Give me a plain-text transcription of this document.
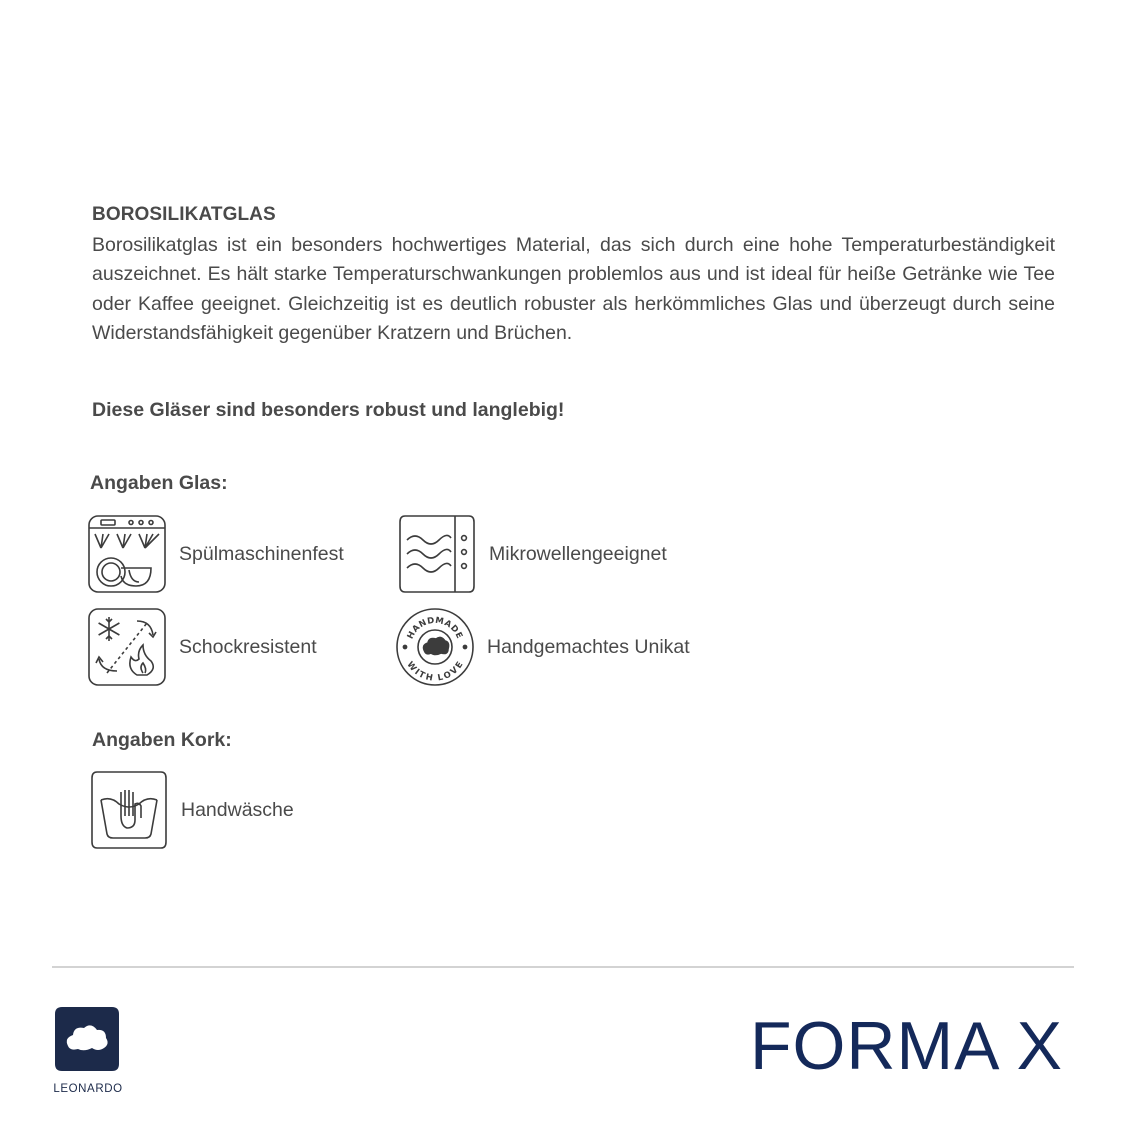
BOROSILIKATGLAS
Borosilikatglas ist ein besonders hochwertiges Material, das sich durch eine hohe Temperaturbeständigkeit auszeichnet. Es hält starke Temperaturschwankungen problemlos aus und ist ideal für heiße Getränke wie Tee oder Kaffee geeignet. Gleichzeitig ist es deutlich robuster als herkömmliches Glas und überzeugt durch seine Widerstandsfähigkeit gegenüber Kratzern und Brüchen.
Diese Gläser sind besonders robust und langlebig!
Angaben Glas:
Spülmaschinenfest	Mikrowellengeeignet
Schockresistent
HANDMADE
WITH LOVE
Handgemachtes Unikat
Angaben Kork:
Handwäsche
LEONARDO
FORMA X
